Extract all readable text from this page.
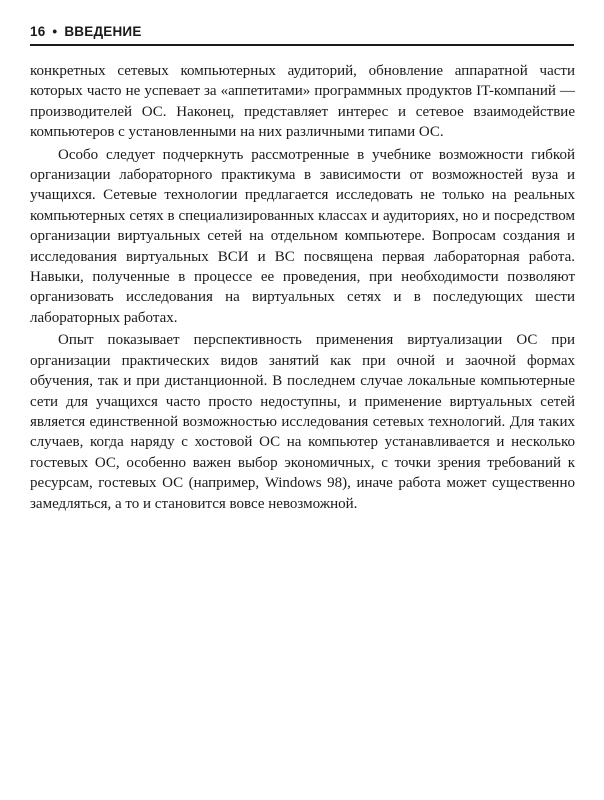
16 • ВВЕДЕНИЕ

конкретных сетевых компьютерных аудиторий, обновление аппаратной части которых часто не успевает за «аппетитами» программных продуктов IT-компаний — производителей ОС. Наконец, представляет интерес и сетевое взаимодействие компьютеров с установленными на них различными типами ОС.

Особо следует подчеркнуть рассмотренные в учебнике возможности гибкой организации лабораторного практикума в зависимости от возможностей вуза и учащихся. Сетевые технологии предлагается исследовать не только на реальных компьютерных сетях в специализированных классах и аудиториях, но и посредством организации виртуальных сетей на отдельном компьютере. Вопросам создания и исследования виртуальных ВСИ и ВС посвящена первая лабораторная работа. Навыки, полученные в процессе ее проведения, при необходимости позволяют организовать исследования на виртуальных сетях и в последующих шести лабораторных работах.

Опыт показывает перспективность применения виртуализации ОС при организации практических видов занятий как при очной и заочной формах обучения, так и при дистанционной. В последнем случае локальные компьютерные сети для учащихся часто просто недоступны, и применение виртуальных сетей является единственной возможностью исследования сетевых технологий. Для таких случаев, когда наряду с хостовой ОС на компьютер устанавливается и несколько гостевых ОС, особенно важен выбор экономичных, с точки зрения требований к ресурсам, гостевых ОС (например, Windows 98), иначе работа может существенно замедляться, а то и становится вовсе невозможной.
